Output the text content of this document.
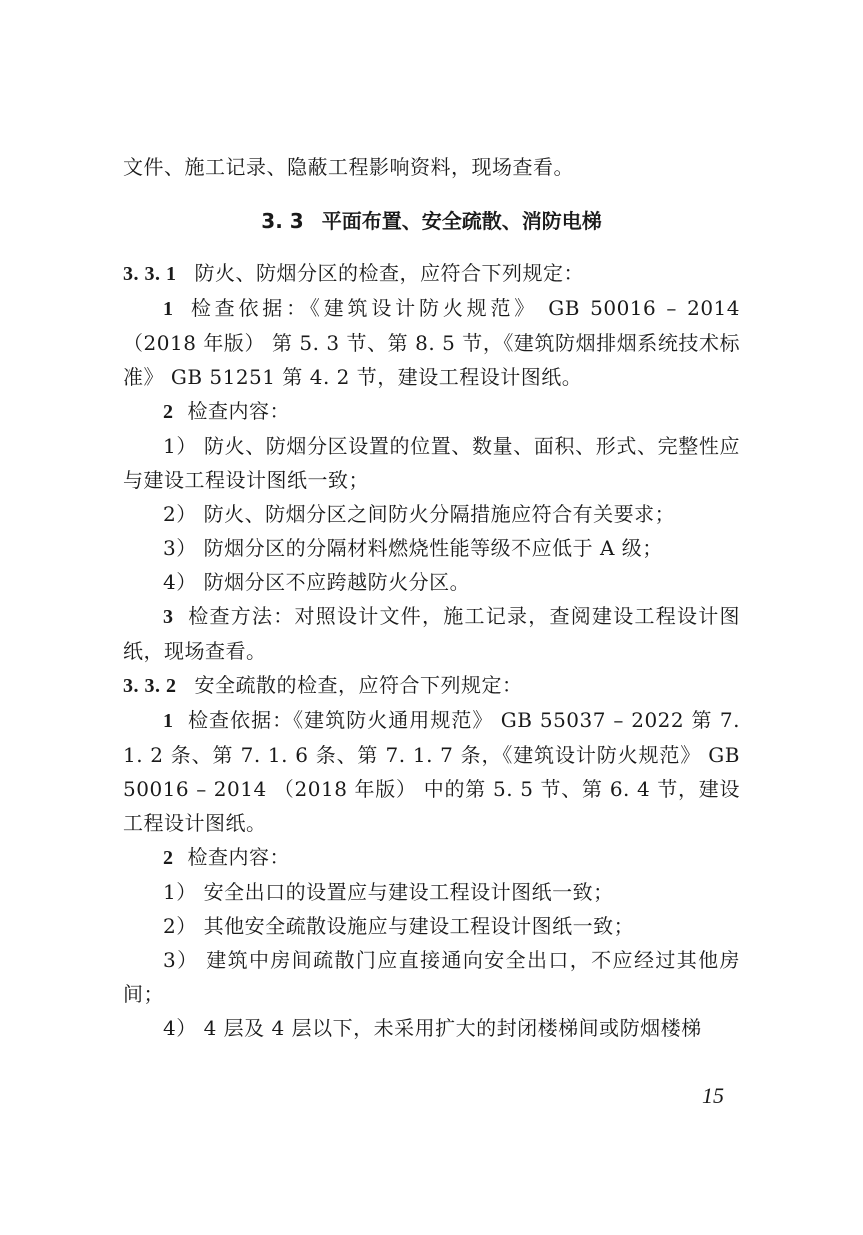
文件、施工记录、隐蔽工程影响资料，现场查看。
3. 3 平面布置、安全疏散、消防电梯

3. 3. 1 防火、防烟分区的检查，应符合下列规定：

1 检查依据：《建筑设计防火规范》 GB 50016 – 2014 （2018 年版） 第 5. 3 节、第 8. 5 节，《建筑防烟排烟系统技术标准》 GB 51251 第 4. 2 节，建设工程设计图纸。

2 检查内容：

1） 防火、防烟分区设置的位置、数量、面积、形式、完整性应与建设工程设计图纸一致；

2） 防火、防烟分区之间防火分隔措施应符合有关要求；

3） 防烟分区的分隔材料燃烧性能等级不应低于 A 级；

4） 防烟分区不应跨越防火分区。

3 检查方法：对照设计文件，施工记录，查阅建设工程设计图纸，现场查看。

3. 3. 2 安全疏散的检查，应符合下列规定：

1 检查依据：《建筑防火通用规范》 GB 55037 – 2022 第 7. 1. 2 条、第 7. 1. 6 条、第 7. 1. 7 条，《建筑设计防火规范》 GB 50016 – 2014 （2018 年版） 中的第 5. 5 节、第 6. 4 节，建设工程设计图纸。

2 检查内容：

1） 安全出口的设置应与建设工程设计图纸一致；

2） 其他安全疏散设施应与建设工程设计图纸一致；

3） 建筑中房间疏散门应直接通向安全出口，不应经过其他房间；

4） 4 层及 4 层以下，未采用扩大的封闭楼梯间或防烟楼梯

15
